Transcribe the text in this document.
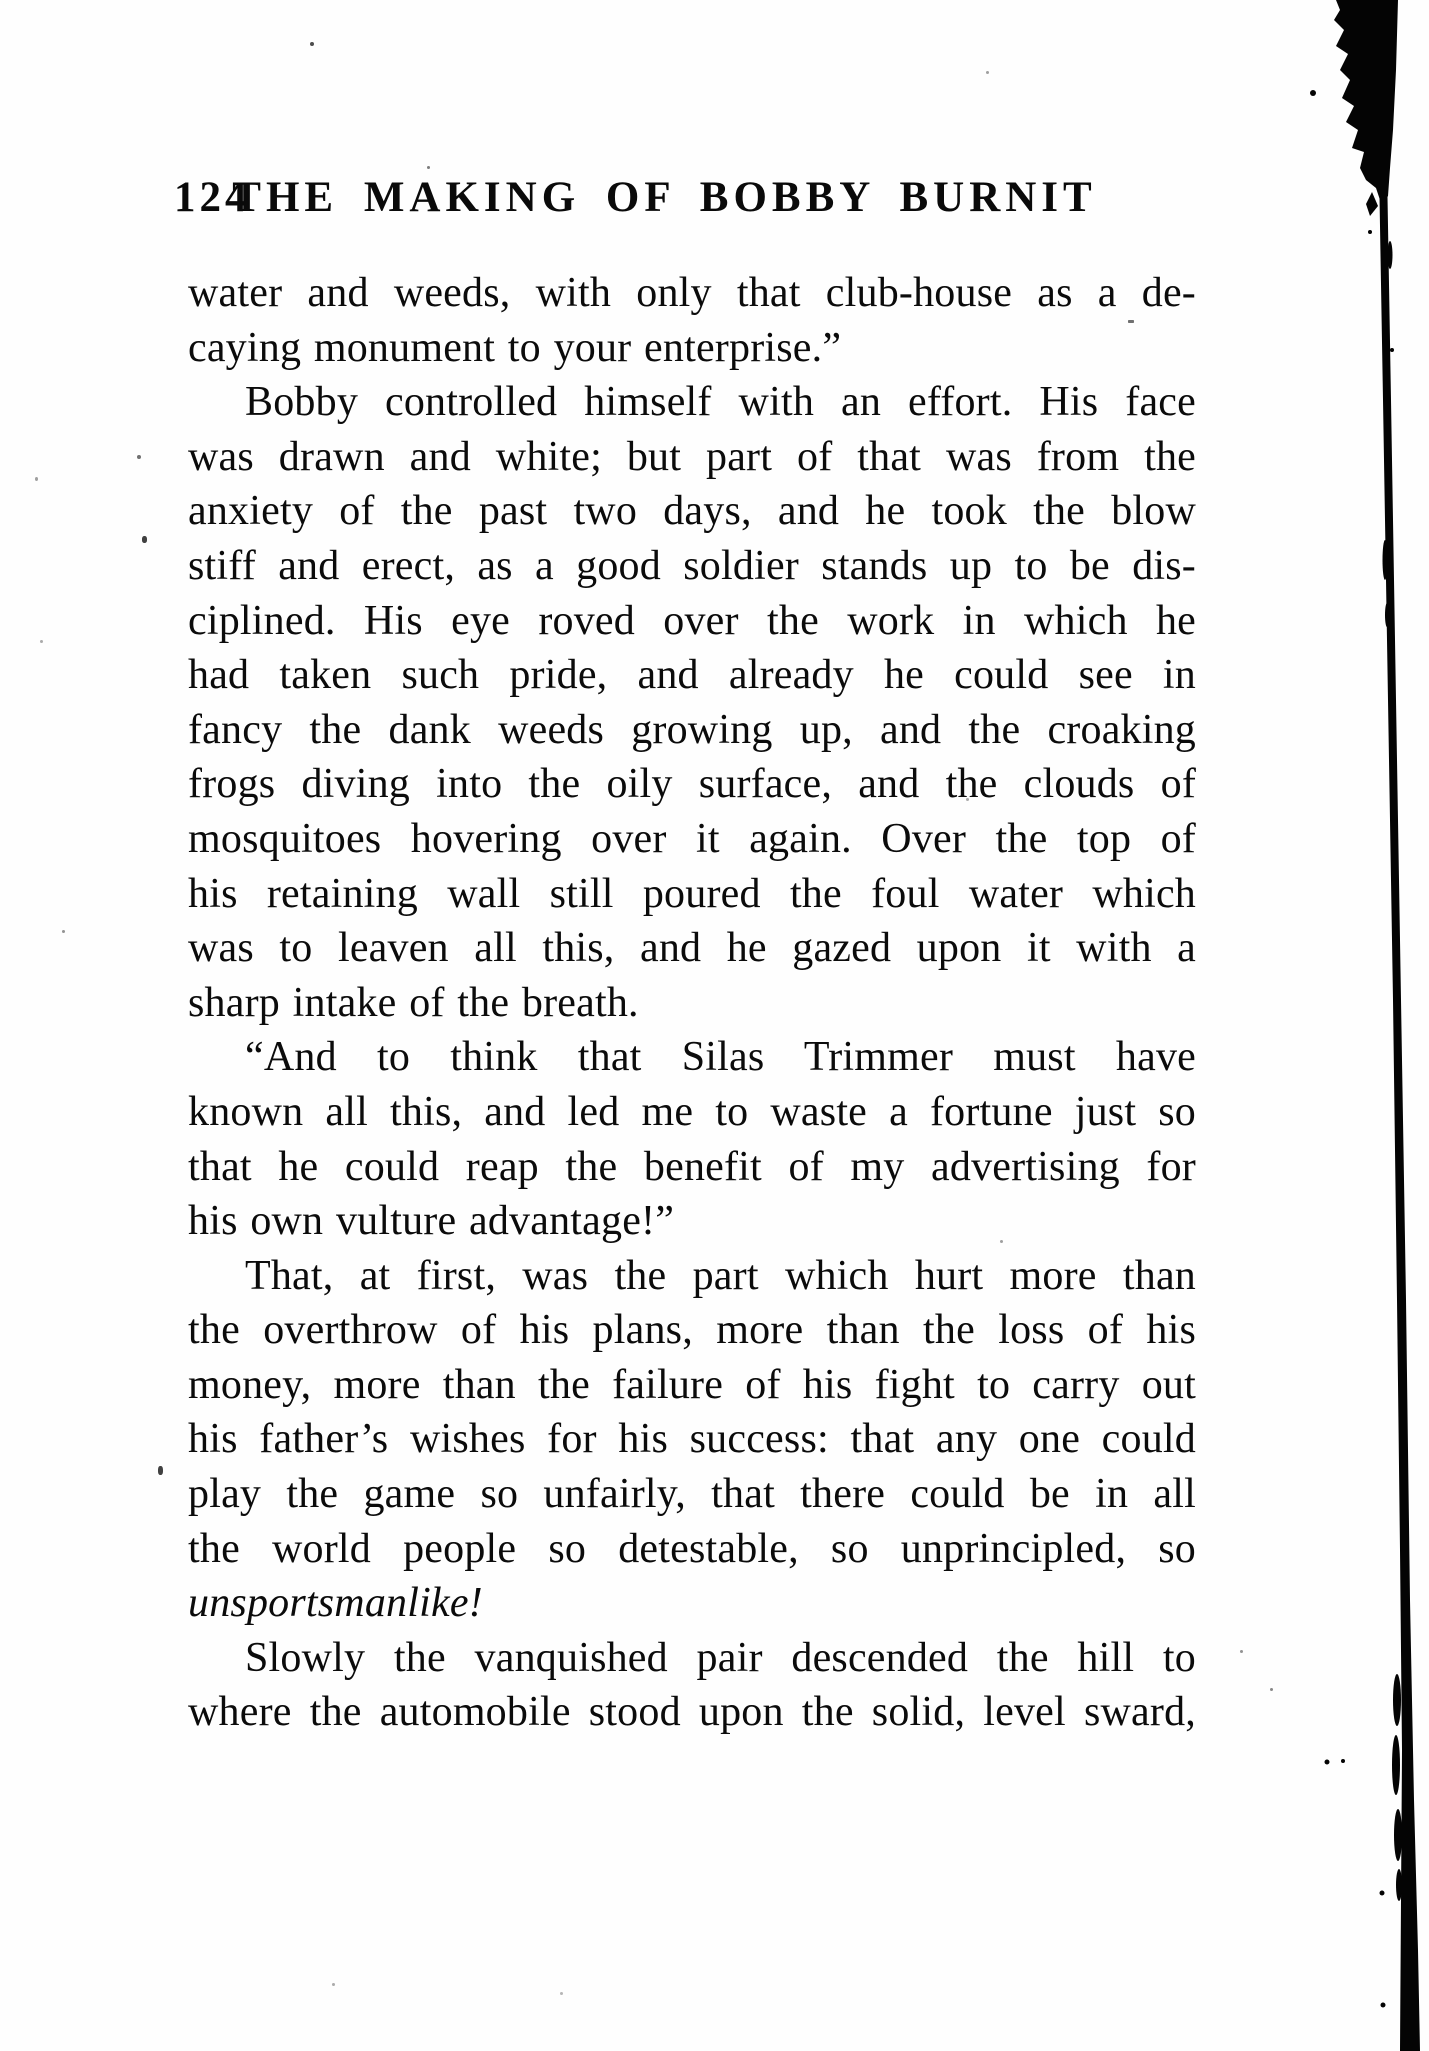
124
THE MAKING OF BOBBY BURNIT
water and weeds, with only that club-house as a de-
caying monument to your enterprise.”
Bobby controlled himself with an effort. His face
was drawn and white; but part of that was from the
anxiety of the past two days, and he took the blow
stiff and erect, as a good soldier stands up to be dis-
ciplined. His eye roved over the work in which he
had taken such pride, and already he could see in
fancy the dank weeds growing up, and the croaking
frogs diving into the oily surface, and the clouds of
mosquitoes hovering over it again. Over the top of
his retaining wall still poured the foul water which
was to leaven all this, and he gazed upon it with a
sharp intake of the breath.
“And to think that Silas Trimmer must have
known all this, and led me to waste a fortune just so
that he could reap the benefit of my advertising for
his own vulture advantage!”
That, at first, was the part which hurt more than
the overthrow of his plans, more than the loss of his
money, more than the failure of his fight to carry out
his father’s wishes for his success: that any one could
play the game so unfairly, that there could be in all
the world people so detestable, so unprincipled, so
unsportsmanlike!
Slowly the vanquished pair descended the hill to
where the automobile stood upon the solid, level sward,
